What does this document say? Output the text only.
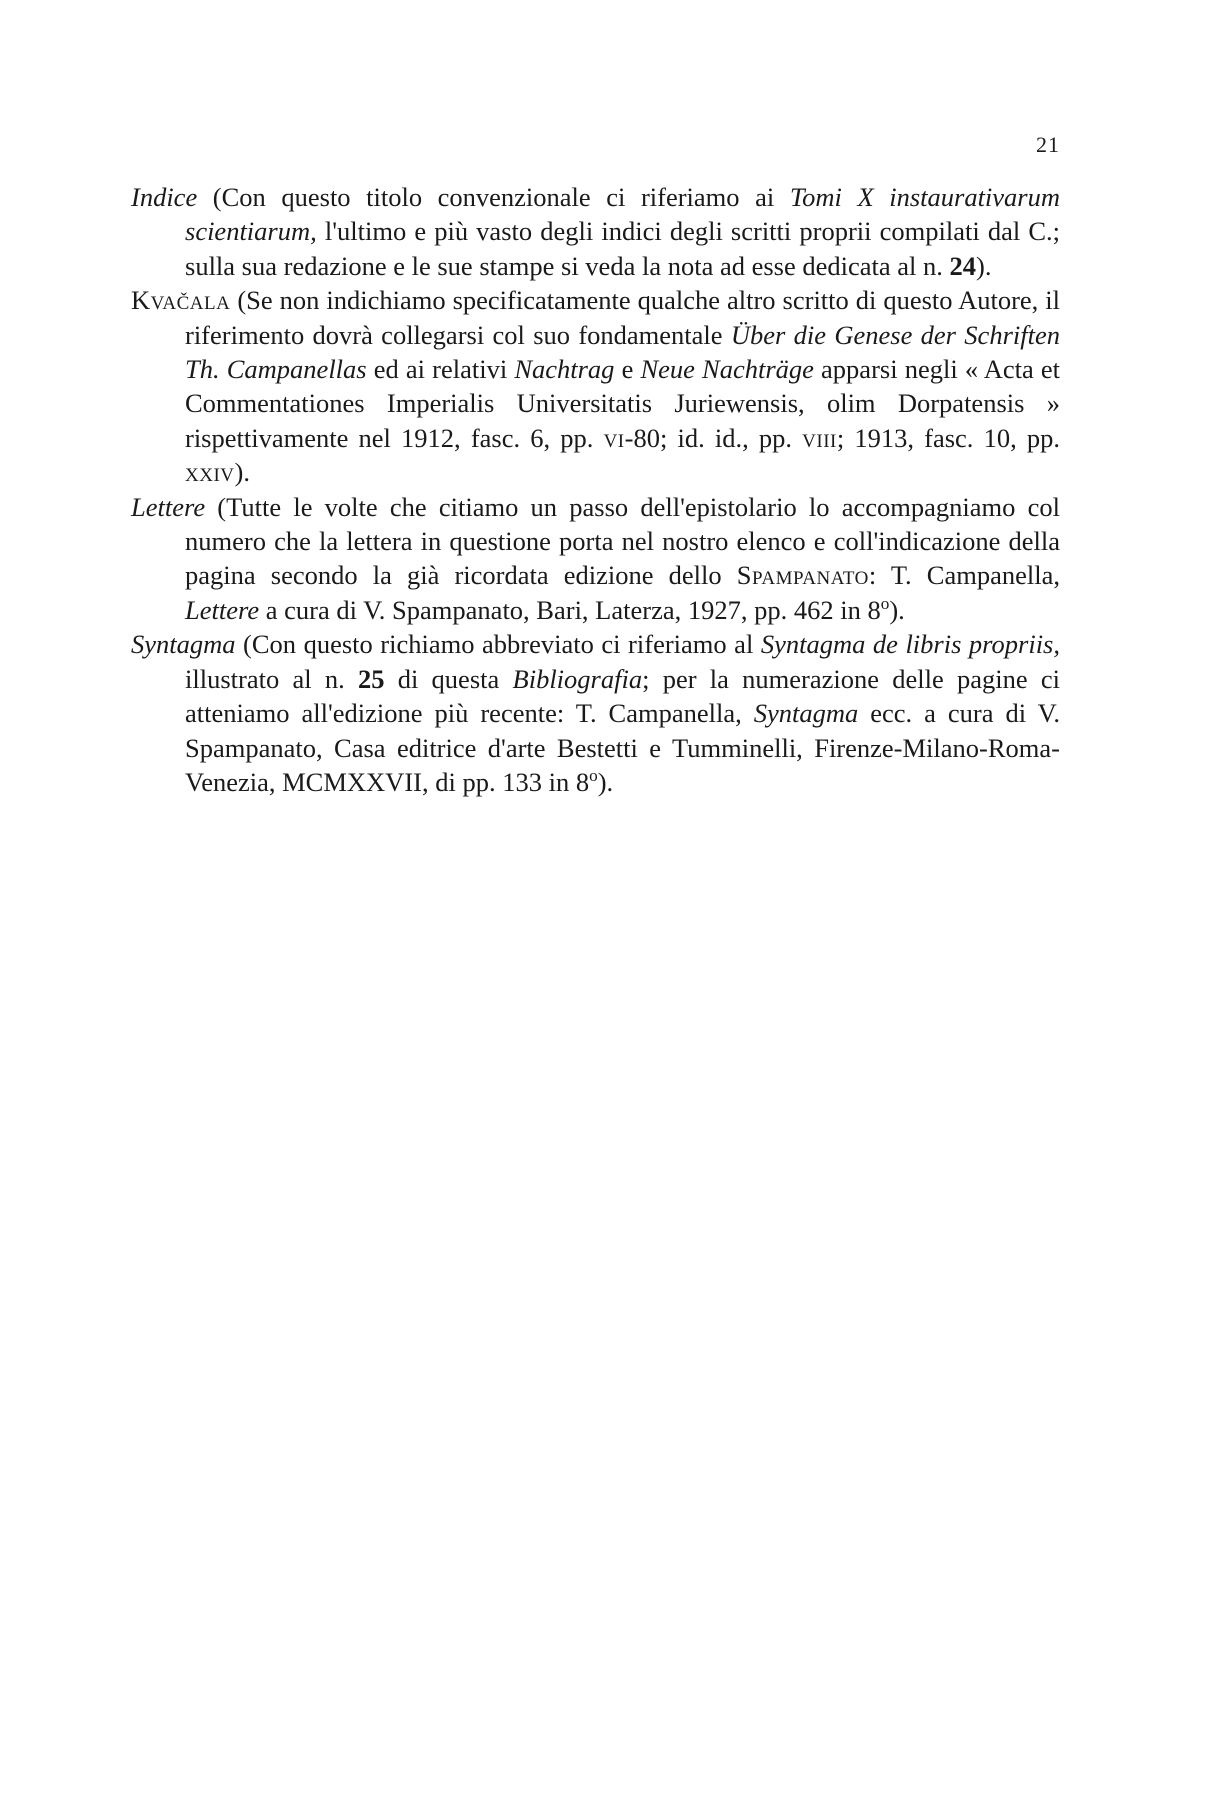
21

Indice (Con questo titolo convenzionale ci riferiamo ai Tomi X instaurativarum scientiarum, l'ultimo e più vasto degli indici degli scritti proprii compilati dal C.; sulla sua redazione e le sue stampe si veda la nota ad esse dedicata al n. 24).

Kvačala (Se non indichiamo specificatamente qualche altro scritto di questo Autore, il riferimento dovrà collegarsi col suo fondamentale Über die Genese der Schriften Th. Campanellas ed ai relativi Nachtrag e Neue Nachträge apparsi negli « Acta et Commentationes Imperialis Universitatis Juriewensis, olim Dorpatensis » rispettivamente nel 1912, fasc. 6, pp. vi-80; id. id., pp. viii; 1913, fasc. 10, pp. xxiv).

Lettere (Tutte le volte che citiamo un passo dell'epistolario lo accompagniamo col numero che la lettera in questione porta nel nostro elenco e coll'indicazione della pagina secondo la già ricordata edizione dello Spampanato: T. Campanella, Lettere a cura di V. Spampanato, Bari, Laterza, 1927, pp. 462 in 8$^o$).

Syntagma (Con questo richiamo abbreviato ci riferiamo al Syntagma de libris propriis, illustrato al n. 25 di questa Bibliografia; per la numerazione delle pagine ci atteniamo all'edizione più recente: T. Campanella, Syntagma ecc. a cura di V. Spampanato, Casa editrice d'arte Bestetti e Tumminelli, Firenze-Milano-Roma-Venezia, MCMXXVII, di pp. 133 in 8$^o$).
